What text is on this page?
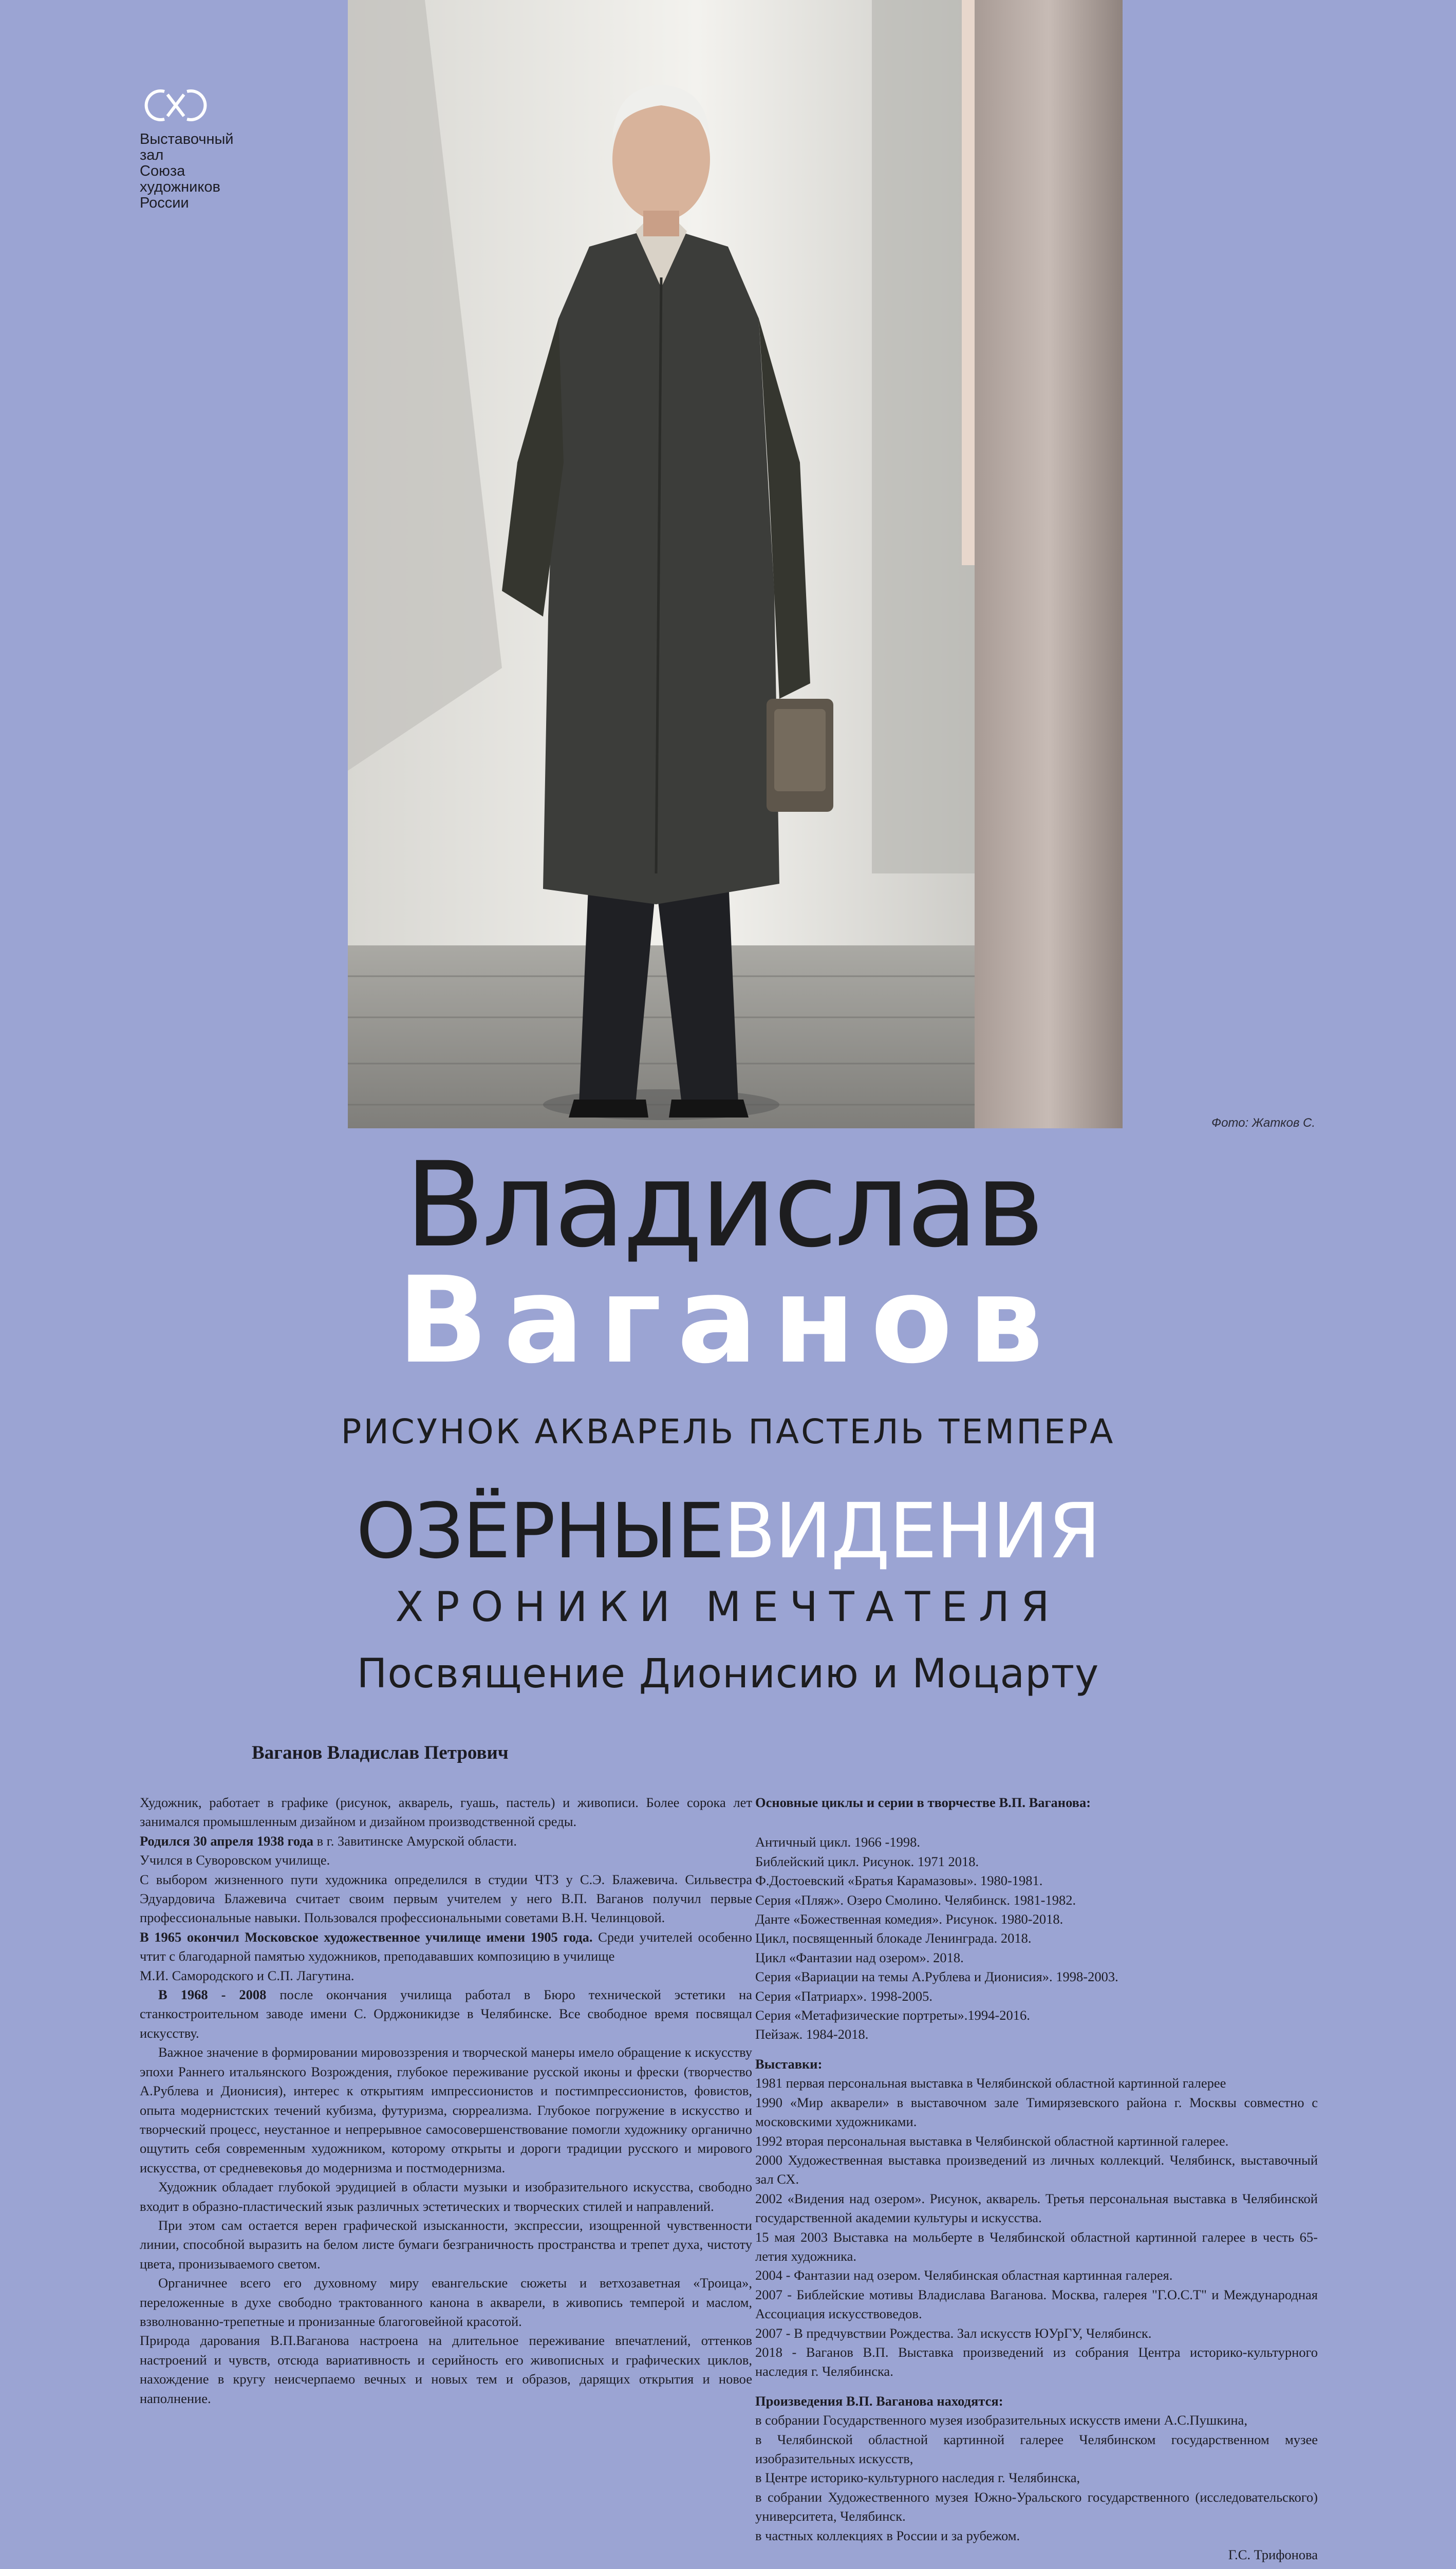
Выставочный
зал
Союза
художников
России
Фото: Жатков С.
Владислав
Ваганов
РИСУНОК АКВАРЕЛЬ ПАСТЕЛЬ ТЕМПЕРА
ОЗЁРНЫЕВИДЕНИЯ
ХРОНИКИ МЕЧТАТЕЛЯ
Посвящение Дионисию и Моцарту
Ваганов Владислав Петрович

Художник, работает в графике (рисунок, акварель, гуашь, пастель) и живописи. Более сорока лет занимался промышленным дизайном и дизайном производственной среды.

Родился 30 апреля 1938 года в г. Завитинске Амурской области.

Учился в Суворовском училище.

С выбором жизненного пути художника определился в студии ЧТЗ у С.Э. Блажевича. Сильвестра Эдуардовича Блажевича считает своим первым учителем у него В.П. Ваганов получил первые профессиональные навыки. Пользовался профессиональными советами В.Н. Челинцовой.

В 1965 окончил Московское художественное училище имени 1905 года. Среди учителей особенно чтит с благодарной памятью художников, преподававших композицию в училище

М.И. Самородского и С.П. Лагутина.

В 1968 - 2008 после окончания училища работал в Бюро технической эстетики на станкостроительном заводе имени С. Орджоникидзе в Челябинске. Все свободное время посвящал искусству.

Важное значение в формировании мировоззрения и творческой манеры имело обращение к искусству эпохи Раннего итальянского Возрождения, глубокое переживание русской иконы и фрески (творчество А.Рублева и Дионисия), интерес к открытиям импрессионистов и постимпрессионистов, фовистов, опыта модернистских течений кубизма, футуризма, сюрреализма. Глубокое погружение в искусство и творческий процесс, неустанное и непрерывное самосовершенствование помогли художнику органично ощутить себя современным художником, которому открыты и дороги традиции русского и мирового искусства, от средневековья до модернизма и постмодернизма.

Художник обладает глубокой эрудицией в области музыки и изобразительного искусства, свободно входит в образно-пластический язык различных эстетических и творческих стилей и направлений.

При этом сам остается верен графической изысканности, экспрессии, изощренной чувственности линии, способной выразить на белом листе бумаги безграничность пространства и трепет духа, чистоту цвета, пронизываемого светом.

Органичнее всего его духовному миру евангельские сюжеты и ветхозаветная «Троица», переложенные в духе свободно трактованного канона в акварели, в живопись темперой и маслом, взволнованно-трепетные и пронизанные благоговейной красотой.

Природа дарования В.П.Ваганова настроена на длительное переживание впечатлений, оттенков настроений и чувств, отсюда вариативность и серийность его живописных и графических циклов, нахождение в кругу неисчерпаемо вечных и новых тем и образов, дарящих открытия и новое наполнение.

Основные циклы и серии в творчестве В.П. Ваганова:

Античный цикл. 1966 -1998.

Библейский цикл. Рисунок. 1971 2018.

Ф.Достоевский «Братья Карамазовы». 1980-1981.

Серия «Пляж». Озеро Смолино. Челябинск. 1981-1982.

Данте «Божественная комедия». Рисунок. 1980-2018.

Цикл, посвященный блокаде Ленинграда. 2018.

Цикл «Фантазии над озером». 2018.

Серия «Вариации на темы А.Рублева и Дионисия». 1998-2003.

Серия «Патриарх». 1998-2005.

Серия «Метафизические портреты».1994-2016.

Пейзаж. 1984-2018.

Выставки:

1981 первая персональная выставка в Челябинской областной картинной галерее

1990 «Мир акварели» в выставочном зале Тимирязевского района г. Москвы совместно с московскими художниками.

1992 вторая персональная выставка в Челябинской областной картинной галерее.

2000 Художественная выставка произведений из личных коллекций. Челябинск, выставочный зал СХ.

2002 «Видения над озером». Рисунок, акварель. Третья персональная выставка в Челябинской государственной академии культуры и искусства.

15 мая 2003 Выставка на мольберте в Челябинской областной картинной галерее в честь 65-летия художника.

2004 - Фантазии над озером. Челябинская областная картинная галерея.

2007 - Библейские мотивы Владислава Ваганова. Москва, галерея "Г.О.С.Т" и Международная Ассоциация искусствоведов.

2007 - В предчувствии Рождества. Зал искусств ЮУрГУ, Челябинск.

2018 - Ваганов В.П. Выставка произведений из собрания Центра историко-культурного наследия г. Челябинска.

Произведения В.П. Ваганова находятся:

в собрании Государственного музея изобразительных искусств имени А.С.Пушкина,

в Челябинской областной картинной галерее Челябинском государственном музее изобразительных искусств,

в Центре историко-культурного наследия г. Челябинска,

в собрании Художественного музея Южно-Уральского государственного (исследовательского) университета, Челябинск.

в частных коллекциях в России и за рубежом.

Г.С. Трифонова
